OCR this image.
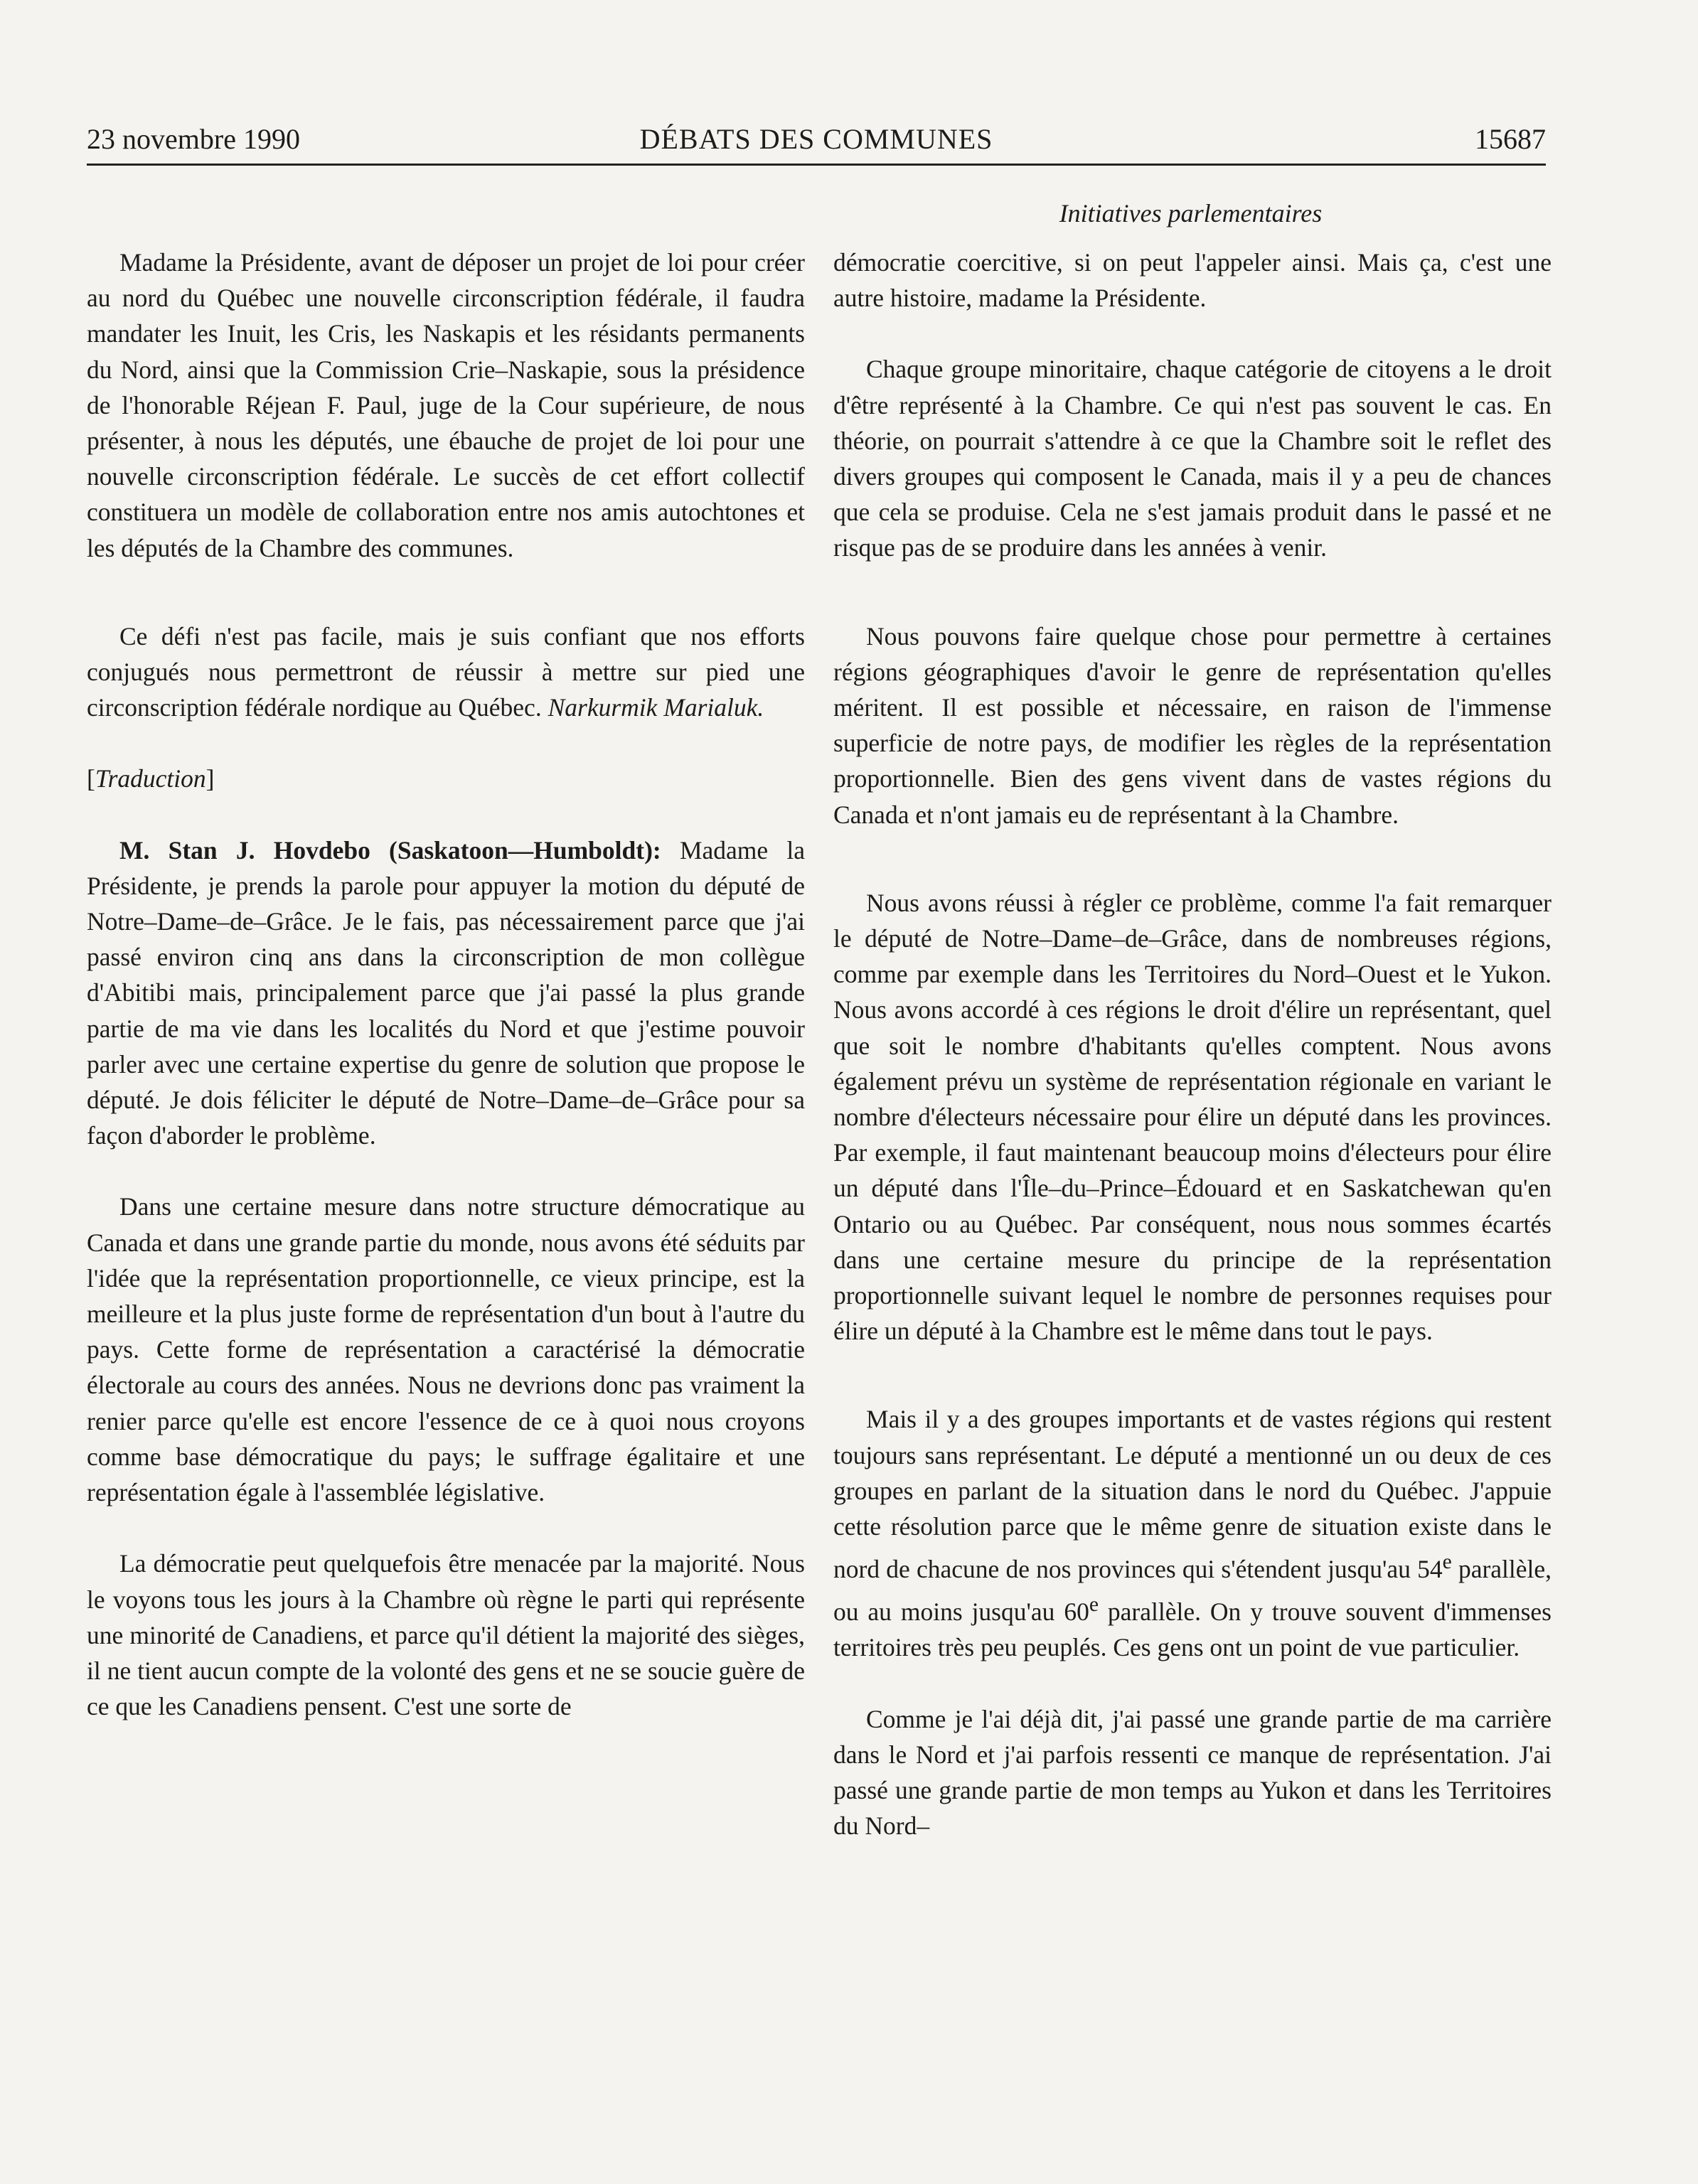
23 novembre 1990	DÉBATS DES COMMUNES	15687
Initiatives parlementaires

Madame la Présidente, avant de déposer un projet de loi pour créer au nord du Québec une nouvelle circonscription fédérale, il faudra mandater les Inuit, les Cris, les Naskapis et les résidants permanents du Nord, ainsi que la Commission Crie–Naskapie, sous la présidence de l'honorable Réjean F. Paul, juge de la Cour supérieure, de nous présenter, à nous les députés, une ébauche de projet de loi pour une nouvelle circonscription fédérale. Le succès de cet effort collectif constituera un modèle de collaboration entre nos amis autochtones et les députés de la Chambre des communes.

Ce défi n'est pas facile, mais je suis confiant que nos efforts conjugués nous permettront de réussir à mettre sur pied une circonscription fédérale nordique au Québec. Narkurmik Marialuk.

[Traduction]

M. Stan J. Hovdebo (Saskatoon—Humboldt): Madame la Présidente, je prends la parole pour appuyer la motion du député de Notre–Dame–de–Grâce. Je le fais, pas nécessairement parce que j'ai passé environ cinq ans dans la circonscription de mon collègue d'Abitibi mais, principalement parce que j'ai passé la plus grande partie de ma vie dans les localités du Nord et que j'estime pouvoir parler avec une certaine expertise du genre de solution que propose le député. Je dois féliciter le député de Notre–Dame–de–Grâce pour sa façon d'aborder le problème.

Dans une certaine mesure dans notre structure démocratique au Canada et dans une grande partie du monde, nous avons été séduits par l'idée que la représentation proportionnelle, ce vieux principe, est la meilleure et la plus juste forme de représentation d'un bout à l'autre du pays. Cette forme de représentation a caractérisé la démocratie électorale au cours des années. Nous ne devrions donc pas vraiment la renier parce qu'elle est encore l'essence de ce à quoi nous croyons comme base démocratique du pays; le suffrage égalitaire et une représentation égale à l'assemblée législative.

La démocratie peut quelquefois être menacée par la majorité. Nous le voyons tous les jours à la Chambre où règne le parti qui représente une minorité de Canadiens, et parce qu'il détient la majorité des sièges, il ne tient aucun compte de la volonté des gens et ne se soucie guère de ce que les Canadiens pensent. C'est une sorte de

démocratie coercitive, si on peut l'appeler ainsi. Mais ça, c'est une autre histoire, madame la Présidente.

Chaque groupe minoritaire, chaque catégorie de citoyens a le droit d'être représenté à la Chambre. Ce qui n'est pas souvent le cas. En théorie, on pourrait s'attendre à ce que la Chambre soit le reflet des divers groupes qui composent le Canada, mais il y a peu de chances que cela se produise. Cela ne s'est jamais produit dans le passé et ne risque pas de se produire dans les années à venir.

Nous pouvons faire quelque chose pour permettre à certaines régions géographiques d'avoir le genre de représentation qu'elles méritent. Il est possible et nécessaire, en raison de l'immense superficie de notre pays, de modifier les règles de la représentation proportionnelle. Bien des gens vivent dans de vastes régions du Canada et n'ont jamais eu de représentant à la Chambre.

Nous avons réussi à régler ce problème, comme l'a fait remarquer le député de Notre–Dame–de–Grâce, dans de nombreuses régions, comme par exemple dans les Territoires du Nord–Ouest et le Yukon. Nous avons accordé à ces régions le droit d'élire un représentant, quel que soit le nombre d'habitants qu'elles comptent. Nous avons également prévu un système de représentation régionale en variant le nombre d'électeurs nécessaire pour élire un député dans les provinces. Par exemple, il faut maintenant beaucoup moins d'électeurs pour élire un député dans l'Île–du–Prince–Édouard et en Saskatchewan qu'en Ontario ou au Québec. Par conséquent, nous nous sommes écartés dans une certaine mesure du principe de la représentation proportionnelle suivant lequel le nombre de personnes requises pour élire un député à la Chambre est le même dans tout le pays.

Mais il y a des groupes importants et de vastes régions qui restent toujours sans représentant. Le député a mentionné un ou deux de ces groupes en parlant de la situation dans le nord du Québec. J'appuie cette résolution parce que le même genre de situation existe dans le nord de chacune de nos provinces qui s'étendent jusqu'au 54e parallèle, ou au moins jusqu'au 60e parallèle. On y trouve souvent d'immenses territoires très peu peuplés. Ces gens ont un point de vue particulier.

Comme je l'ai déjà dit, j'ai passé une grande partie de ma carrière dans le Nord et j'ai parfois ressenti ce manque de représentation. J'ai passé une grande partie de mon temps au Yukon et dans les Territoires du Nord–
